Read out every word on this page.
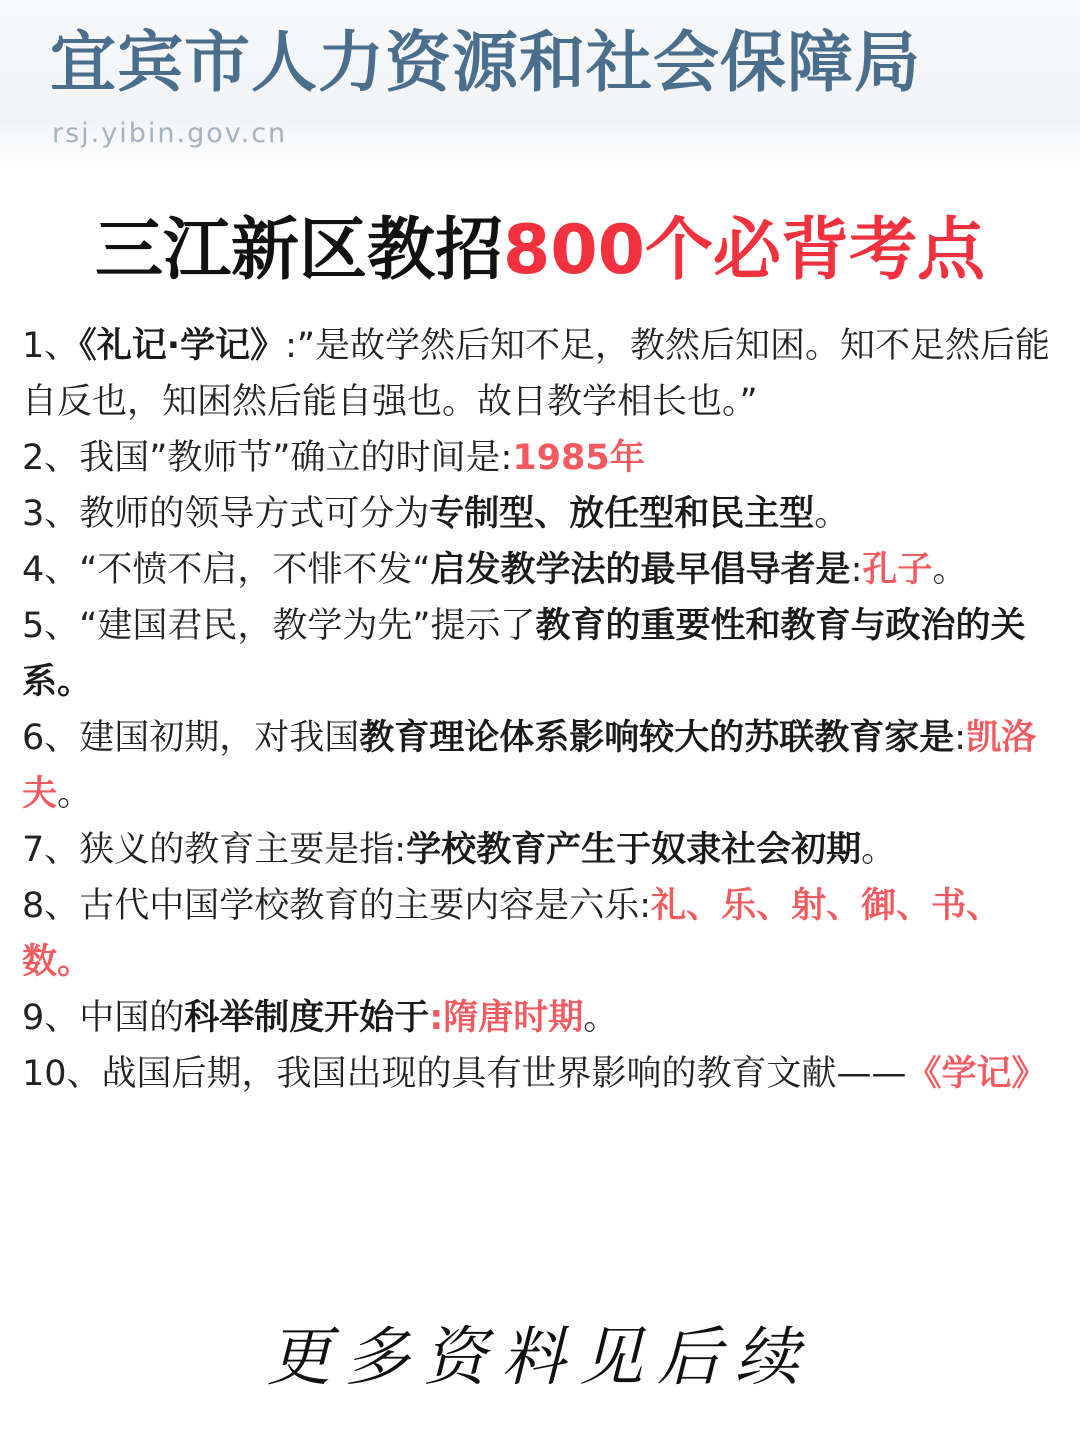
宜宾市人力资源和社会保障局
rsj.yibin.gov.cn
三江新区教招800个必背考点

1、《礼记·学记》:”是故学然后知不足，教然后知困。知不足然后能自反也，知困然后能自强也。故日教学相长也。”

2、我国”教师节”确立的时间是:1985年

3、教师的领导方式可分为专制型、放任型和民主型。

4、“不愤不启，不悱不发“启发教学法的最早倡导者是:孔子。

5、“建国君民，教学为先”提示了教育的重要性和教育与政治的关系。

6、建国初期，对我国教育理论体系影响较大的苏联教育家是:凯洛夫。

7、狭义的教育主要是指:学校教育产生于奴隶社会初期。

8、古代中国学校教育的主要内容是六乐:礼、乐、射、御、书、数。

9、中国的科举制度开始于:隋唐时期。

10、战国后期，我国出现的具有世界影响的教育文献——《学记》

更多资料见后续
